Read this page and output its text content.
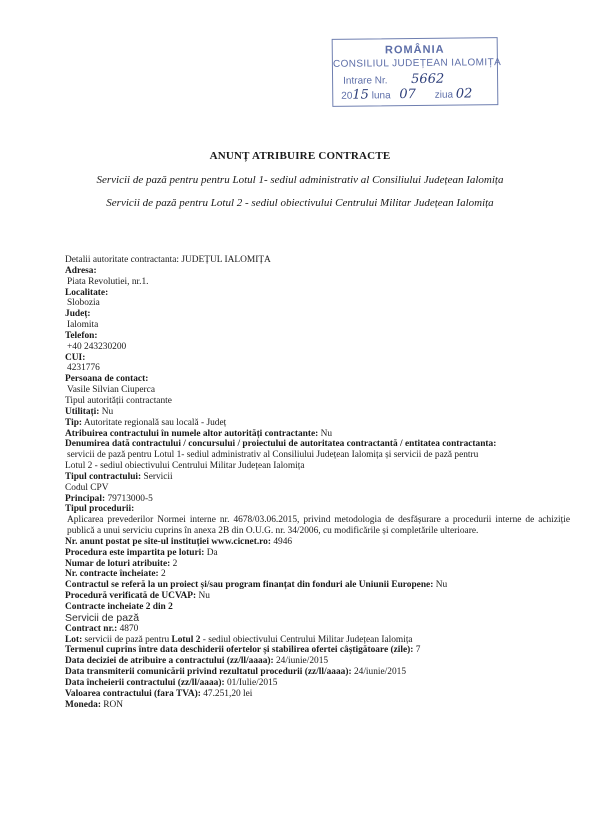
ROMÂNIA
CONSILIUL JUDEȚEAN IALOMIȚA
Intrare Nr. 5662
2015 luna 07 ziua 02
ANUNȚ ATRIBUIRE CONTRACTE
Servicii de pază pentru pentru Lotul 1- sediul administrativ al Consiliului Județean Ialomița
Servicii de pază pentru Lotul 2 - sediul obiectivului Centrului Militar Județean Ialomița
Detalii autoritate contractanta: JUDEȚUL IALOMIȚA
Adresa:
Piata Revolutiei, nr.1.
Localitate:
Slobozia
Județ:
Ialomita
Telefon:
+40 243230200
CUI:
4231776
Persoana de contact:
Vasile Silvian Ciuperca
Tipul autorității contractante
Utilitați: Nu
Tip: Autoritate regională sau locală - Județ
Atribuirea contractului în numele altor autorități contractante: Nu
Denumirea dată contractului / concursului / proiectului de autoritatea contractantă / entitatea contractanta:
servicii de pază pentru Lotul 1- sediul administrativ al Consiliului Județean Ialomița și servicii de pază pentru
Lotul 2 - sediul obiectivului Centrului Militar Județean Ialomița
Tipul contractului: Servicii
Codul CPV
Principal: 79713000-5
Tipul procedurii:
Aplicarea prevederilor Normei interne nr. 4678/03.06.2015, privind metodologia de desfășurare a procedurii interne de achiziție publică a unui serviciu cuprins în anexa 2B din O.U.G. nr. 34/2006, cu modificările și completările ulterioare.
Nr. anunt postat pe site-ul instituției www.cicnet.ro: 4946
Procedura este impartita pe loturi: Da
Numar de loturi atribuite: 2
Nr. contracte încheiate: 2
Contractul se referă la un proiect și/sau program finanțat din fonduri ale Uniunii Europene: Nu
Procedură verificată de UCVAP: Nu
Contracte incheiate 2 din 2
Servicii de pază
Contract nr.: 4870
Lot: servicii de pază pentru Lotul 2 - sediul obiectivului Centrului Militar Județean Ialomița
Termenul cuprins între data deschiderii ofertelor și stabilirea ofertei câștigătoare (zile): 7
Data deciziei de atribuire a contractului (zz/ll/aaaa): 24/iunie/2015
Data transmiterii comunicării privind rezultatul procedurii (zz/ll/aaaa): 24/iunie/2015
Data încheierii contractului (zz/ll/aaaa): 01/Iulie/2015
Valoarea contractului (fara TVA): 47.251,20 lei
Moneda: RON
